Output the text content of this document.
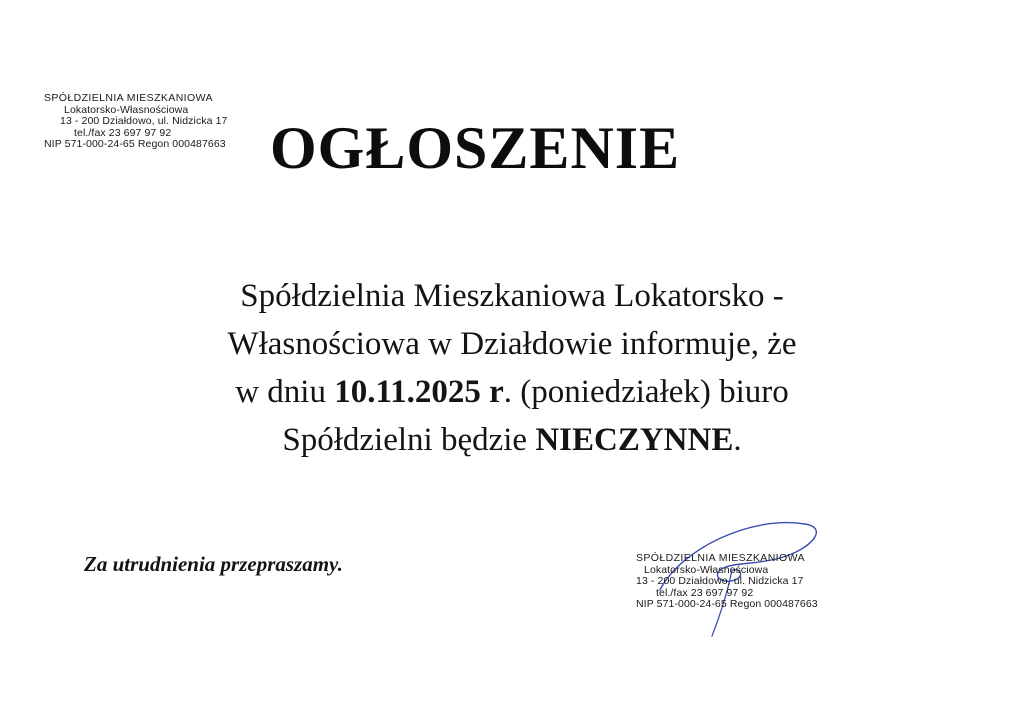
SPÓŁDZIELNIA MIESZKANIOWA
Lokatorsko-Własnościowa
13 - 200 Działdowo, ul. Nidzicka 17
tel./fax 23 697 97 92
NIP 571-000-24-65 Regon 000487663 OGŁOSZENIE
Spółdzielnia Mieszkaniowa Lokatorsko -
Własnościowa w Działdowie informuje, że
w dniu 10.11.2025 r. (poniedziałek) biuro
Spółdzielni będzie NIECZYNNE.
Za utrudnienia przepraszamy.	SPÓŁDZIELNIA MIESZKANIOWA
Lokatorsko-Własnościowa
13 - 200 Działdowo, ul. Nidzicka 17
tel./fax 23 697 97 92
NIP 571-000-24-65 Regon 000487663
